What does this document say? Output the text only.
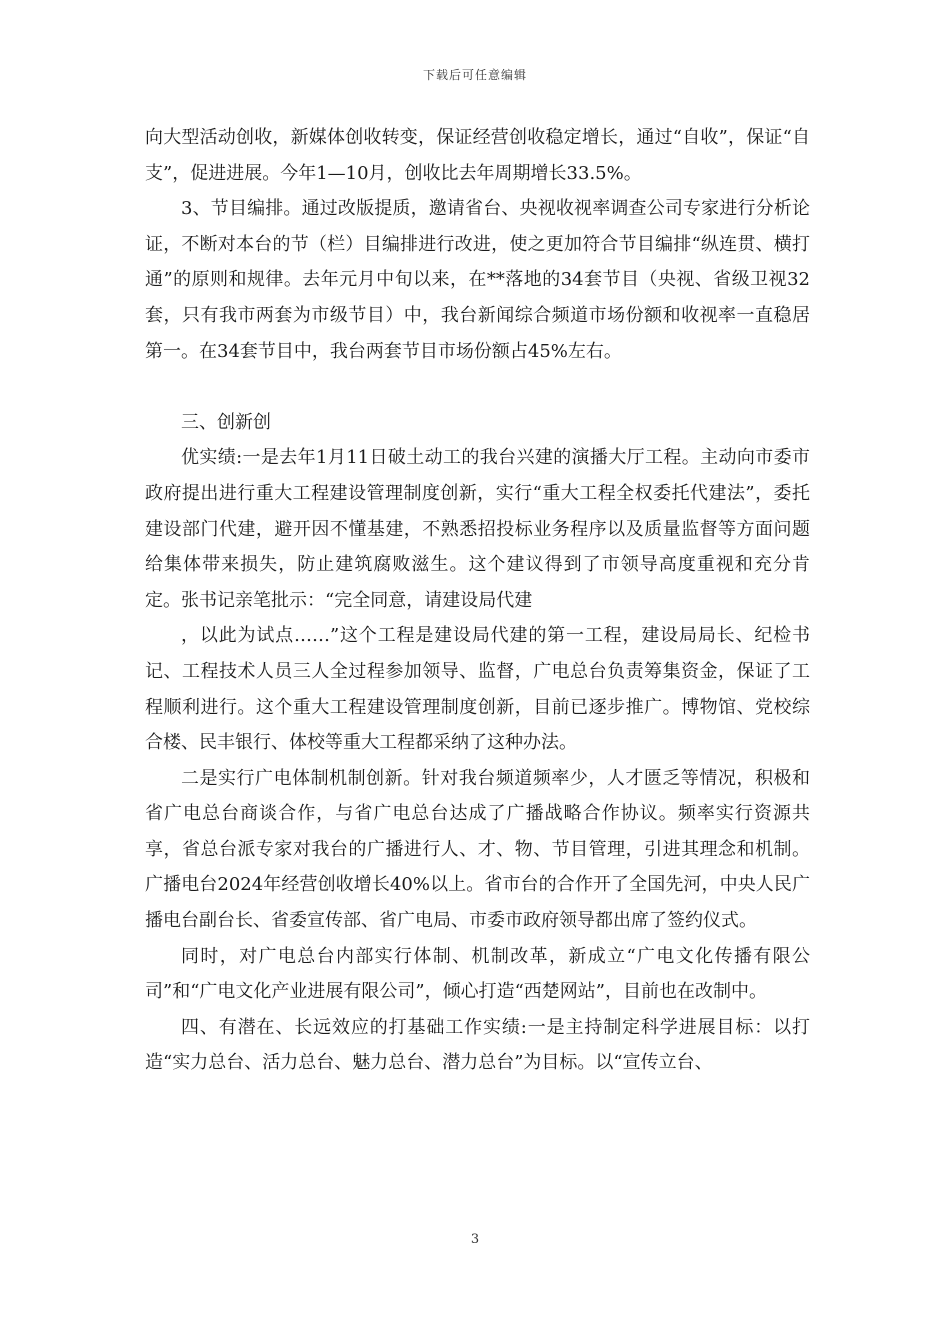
下载后可任意编辑

向大型活动创收，新媒体创收转变，保证经营创收稳定增长，通过“自收”，保证“自支”，促进进展。今年1—10月，创收比去年周期增长33.5%。

3、节目编排。通过改版提质，邀请省台、央视收视率调查公司专家进行分析论证，不断对本台的节（栏）目编排进行改进，使之更加符合节目编排“纵连贯、横打通”的原则和规律。去年元月中旬以来，在**落地的34套节目（央视、省级卫视32套，只有我市两套为市级节目）中，我台新闻综合频道市场份额和收视率一直稳居第一。在34套节目中，我台两套节目市场份额占45%左右。

三、创新创

优实绩:一是去年1月11日破土动工的我台兴建的演播大厅工程。主动向市委市政府提出进行重大工程建设管理制度创新，实行“重大工程全权委托代建法”，委托建设部门代建，避开因不懂基建，不熟悉招投标业务程序以及质量监督等方面问题给集体带来损失，防止建筑腐败滋生。这个建议得到了市领导高度重视和充分肯定。张书记亲笔批示：“完全同意，请建设局代建

，以此为试点……”这个工程是建设局代建的第一工程，建设局局长、纪检书记、工程技术人员三人全过程参加领导、监督，广电总台负责筹集资金，保证了工程顺利进行。这个重大工程建设管理制度创新，目前已逐步推广。博物馆、党校综合楼、民丰银行、体校等重大工程都采纳了这种办法。

二是实行广电体制机制创新。针对我台频道频率少，人才匮乏等情况，积极和省广电总台商谈合作，与省广电总台达成了广播战略合作协议。频率实行资源共享，省总台派专家对我台的广播进行人、才、物、节目管理，引进其理念和机制。广播电台2024年经营创收增长40%以上。省市台的合作开了全国先河，中央人民广播电台副台长、省委宣传部、省广电局、市委市政府领导都出席了签约仪式。

同时，对广电总台内部实行体制、机制改革，新成立“广电文化传播有限公司”和“广电文化产业进展有限公司”，倾心打造“西楚网站”，目前也在改制中。

四、有潜在、长远效应的打基础工作实绩:一是主持制定科学进展目标：以打造“实力总台、活力总台、魅力总台、潜力总台”为目标。以“宣传立台、

3
